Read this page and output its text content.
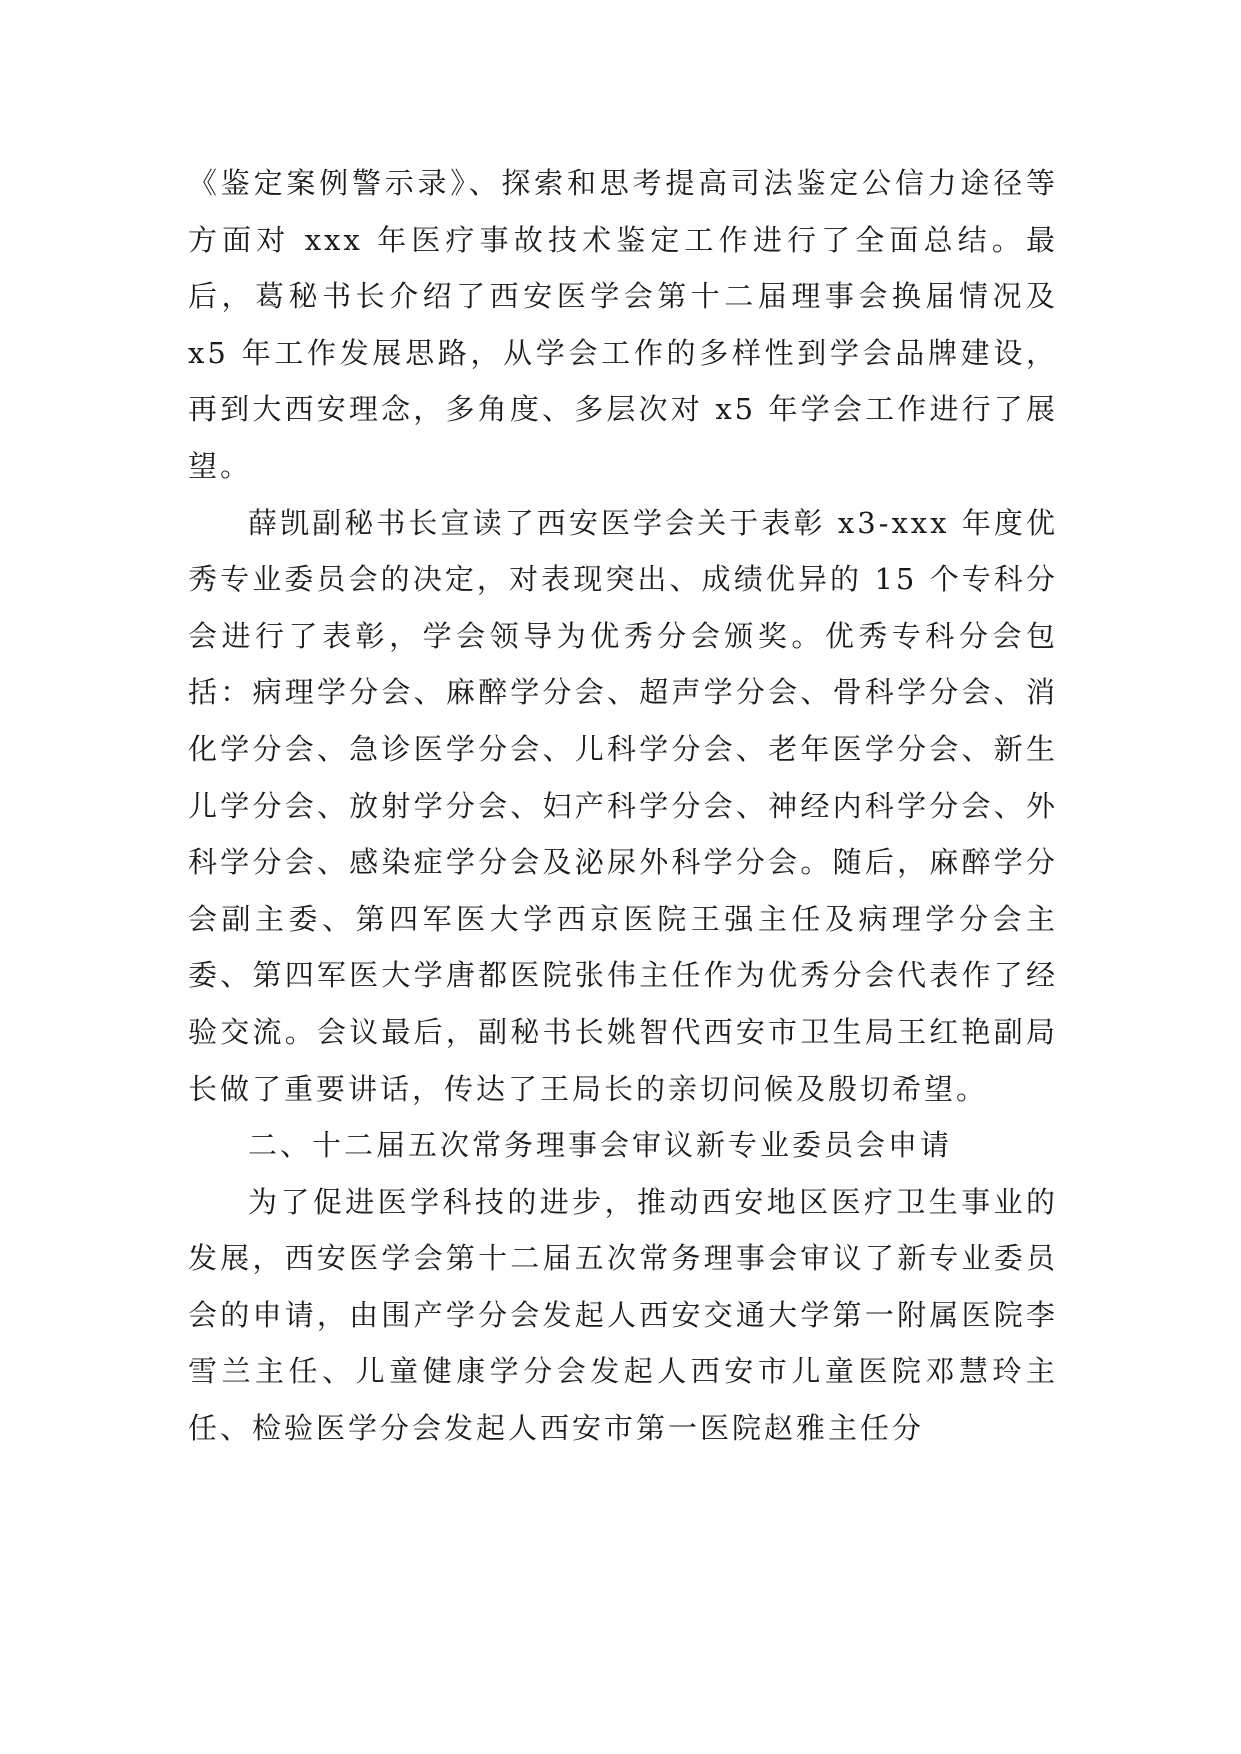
《鉴定案例警示录》、探索和思考提高司法鉴定公信力途径等方面对 xxx 年医疗事故技术鉴定工作进行了全面总结。最后，葛秘书长介绍了西安医学会第十二届理事会换届情况及 x5 年工作发展思路，从学会工作的多样性到学会品牌建设，再到大西安理念，多角度、多层次对 x5 年学会工作进行了展望。

薛凯副秘书长宣读了西安医学会关于表彰 x3-xxx 年度优秀专业委员会的决定，对表现突出、成绩优异的 15 个专科分会进行了表彰，学会领导为优秀分会颁奖。优秀专科分会包括：病理学分会、麻醉学分会、超声学分会、骨科学分会、消化学分会、急诊医学分会、儿科学分会、老年医学分会、新生儿学分会、放射学分会、妇产科学分会、神经内科学分会、外科学分会、感染症学分会及泌尿外科学分会。随后，麻醉学分会副主委、第四军医大学西京医院王强主任及病理学分会主委、第四军医大学唐都医院张伟主任作为优秀分会代表作了经验交流。会议最后，副秘书长姚智代西安市卫生局王红艳副局长做了重要讲话，传达了王局长的亲切问候及殷切希望。

二、十二届五次常务理事会审议新专业委员会申请

为了促进医学科技的进步，推动西安地区医疗卫生事业的发展，西安医学会第十二届五次常务理事会审议了新专业委员会的申请，由围产学分会发起人西安交通大学第一附属医院李雪兰主任、儿童健康学分会发起人西安市儿童医院邓慧玲主任、检验医学分会发起人西安市第一医院赵雅主任分
